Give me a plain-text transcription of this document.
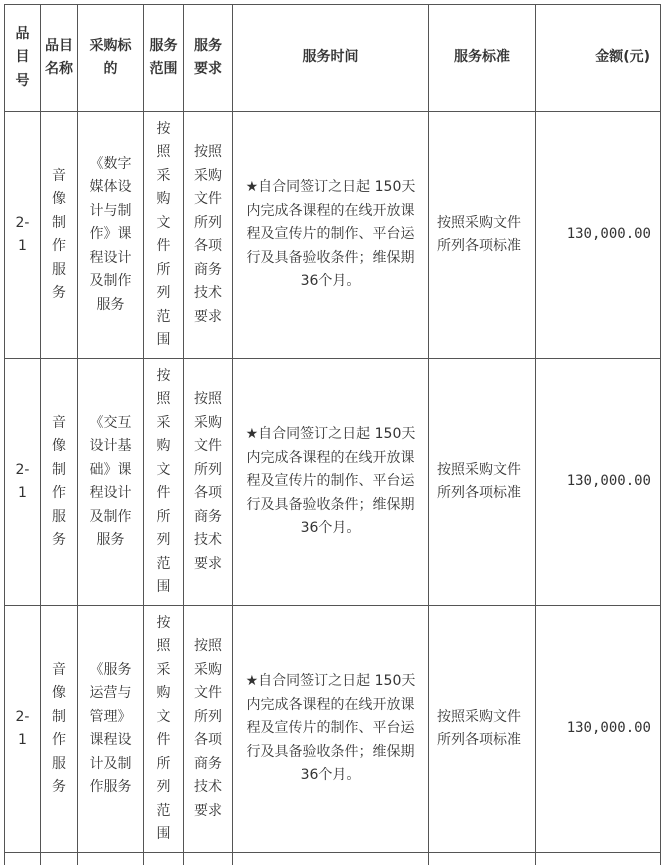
品目号	品目名称	采购标的	服务范围	服务要求	服务时间	服务标准	金额(元)

2-1	音像制作服务	《数字媒体设计与制作》课程设计及制作服务	按照采购文件所列范围	按照采购文件所列各项商务技术要求	★自合同签订之日起 150天内完成各课程的在线开放课程及宣传片的制作、平台运行及具备验收条件；维保期36个月。	按照采购文件所列各项标准	130,000.00

2-1	音像制作服务	《交互设计基础》课程设计及制作服务	按照采购文件所列范围	按照采购文件所列各项商务技术要求	★自合同签订之日起 150天内完成各课程的在线开放课程及宣传片的制作、平台运行及具备验收条件；维保期36个月。	按照采购文件所列各项标准	130,000.00

2-1	音像制作服务	《服务运营与管理》课程设计及制作服务	按照采购文件所列范围	按照采购文件所列各项商务技术要求	★自合同签订之日起 150天内完成各课程的在线开放课程及宣传片的制作、平台运行及具备验收条件；维保期36个月。	按照采购文件所列各项标准	130,000.00
